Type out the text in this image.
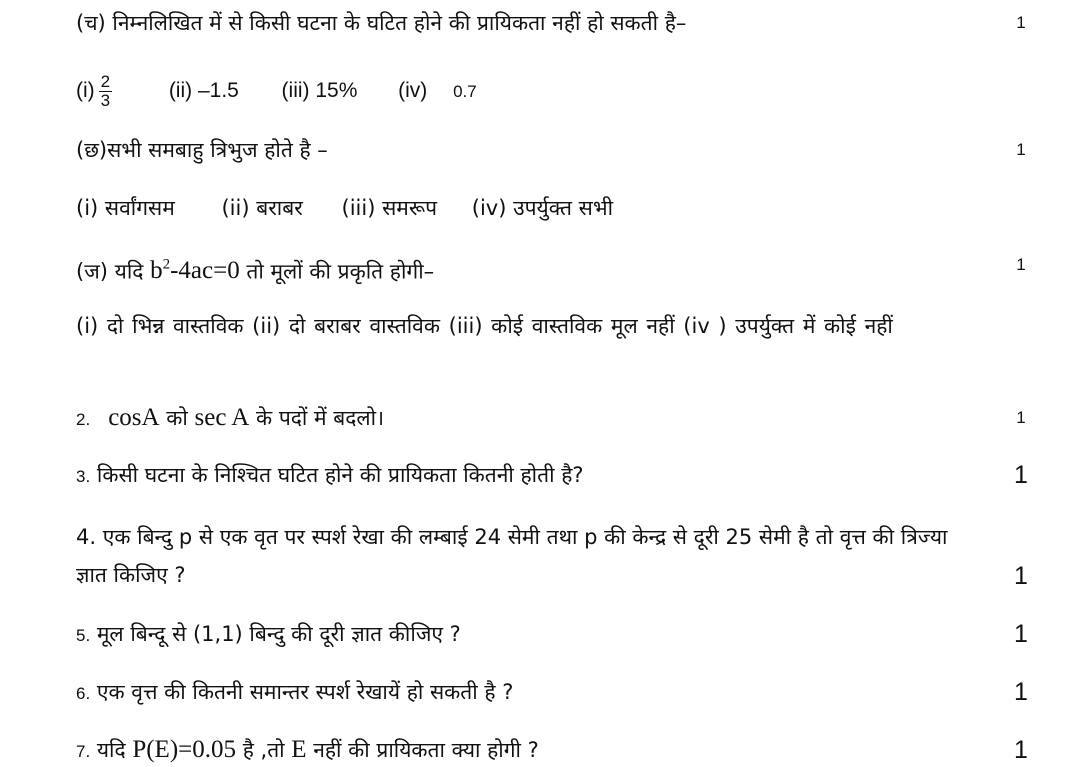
(च) निम्नलिखित में से किसी घटना के घटित होने की प्रायिकता नहीं हो सकती है–	1
$(i) \frac{2}{3}$	(ii) –1.5 (iii) 15% (iv) 0.7
(छ)सभी समबाहु त्रिभुज होते है –	1
(i) सर्वांगसम (ii) बराबर (iii) समरूप (iv) उपर्युक्त सभी
(ज) यदि $b^2-4ac=0$ तो मूलों की प्रकृति होगी–	1
(i) दो भिन्न वास्तविक (ii) दो बराबर वास्तविक (iii) कोई वास्तविक मूल नहीं (iv ) उपर्युक्त में कोई नहीं
2. cosA को sec A के पदों में बदलो।	1
3. किसी घटना के निश्चित घटित होने की प्रायिकता कितनी होती है?	1
4. एक बिन्दु p से एक वृत पर स्पर्श रेखा की लम्बाई 24 सेमी तथा p की केन्द्र से दूरी 25 सेमी है तो वृत्त की त्रिज्या ज्ञात किजिए ?	1
5. मूल बिन्दू से (1,1) बिन्दु की दूरी ज्ञात कीजिए ?	1
6. एक वृत्त की कितनी समान्तर स्पर्श रेखायें हो सकती है ?	1
7. यदि P(E)=0.05 है ,तो E नहीं की प्रायिकता क्या होगी ?	1
